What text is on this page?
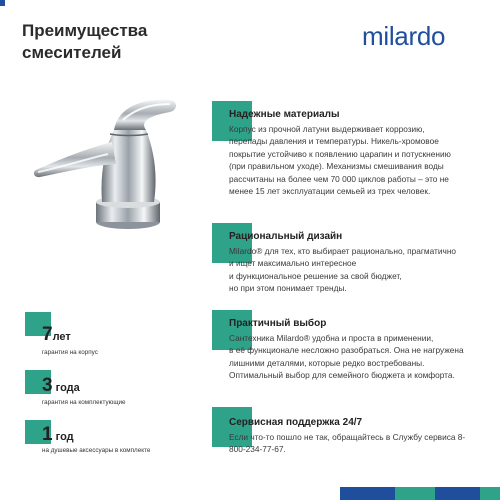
Преимущества
смесителей
milardo
Надежные материалы
Корпус из прочной латуни выдерживает коррозию,
перепады давления и температуры. Никель-хромовое
покрытие устойчиво к появлению царапин и потускнению
(при правильном уходе). Механизмы смешивания воды
рассчитаны на более чем 70 000 циклов работы – это не
менее 15 лет эксплуатации семьей из трех человек.
Рациональный дизайн
Milardo® для тех, кто выбирает рационально, прагматично
и ищет максимально интересное
и функциональное решение за свой бюджет,
но при этом понимает тренды.
Практичный выбор
Сантехника Milardo® удобна и проста в применении,
в её функционале несложно разобраться. Она не нагружена
лишними деталями, которые редко востребованы.
Оптимальный выбор для семейного бюджета и комфорта.
Сервисная поддержка 24/7
Если что-то пошло не так, обращайтесь в Службу сервиса 8-
800-234-77-67.
7лет
гарантия на корпус
3 года
гарантия на комплектующие
1 год
на душевые аксессуары в комплекте
